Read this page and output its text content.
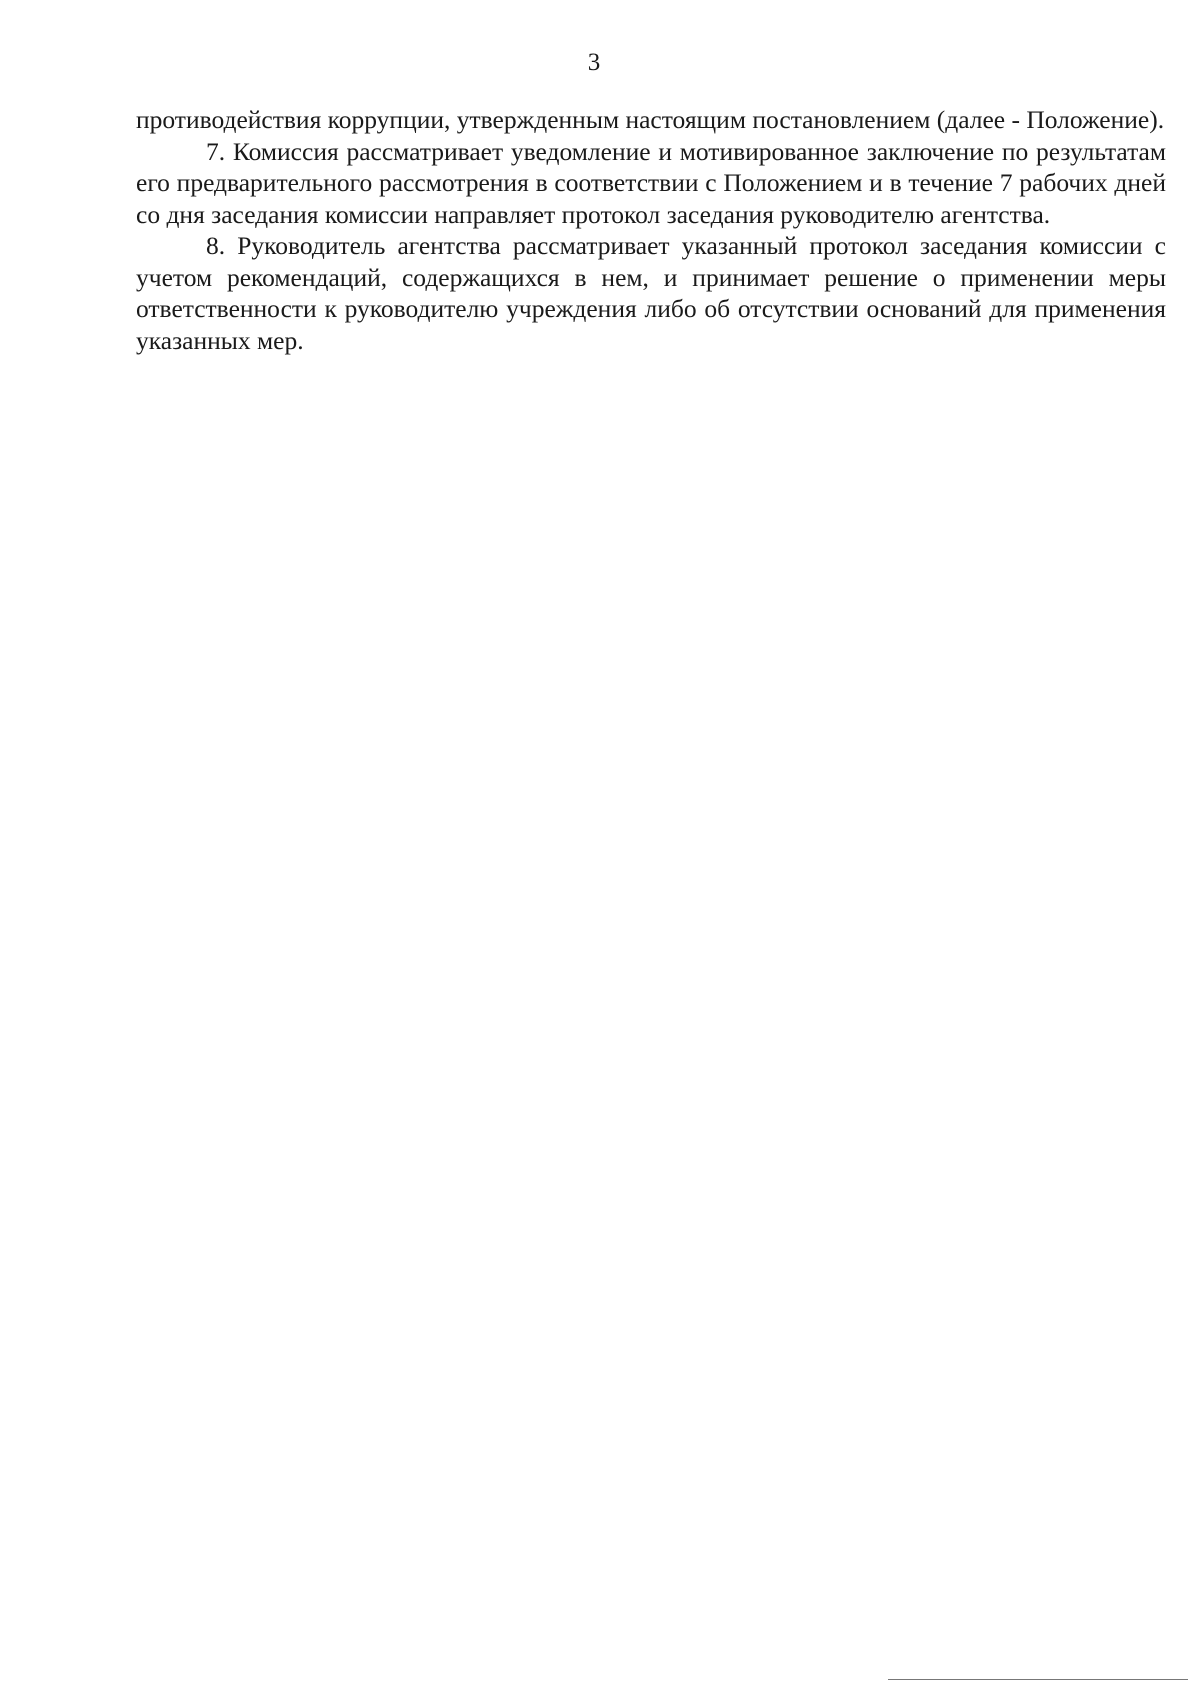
3

противодействия коррупции, утвержденным настоящим постановлением (далее - Положение).

7. Комиссия рассматривает уведомление и мотивированное заключение по результатам его предварительного рассмотрения в соответствии с Положением и в течение 7 рабочих дней со дня заседания комиссии направляет протокол заседания руководителю агентства.

8. Руководитель агентства рассматривает указанный протокол заседания комиссии с учетом рекомендаций, содержащихся в нем, и принимает решение о применении меры ответственности к руководителю учреждения либо об отсутствии оснований для применения указанных мер.
